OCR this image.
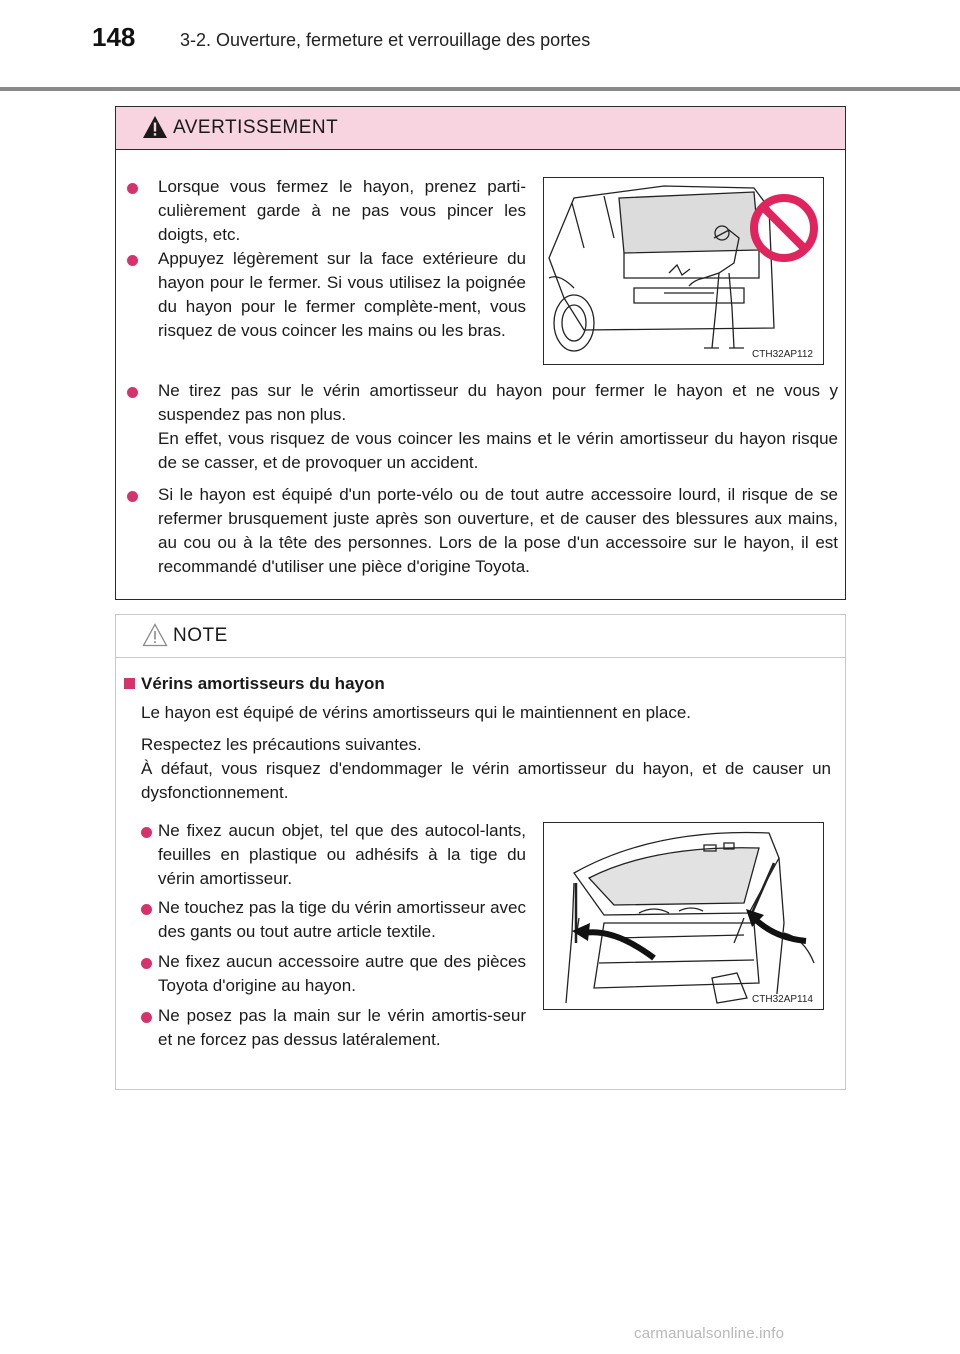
148 3-2. Ouverture, fermeture et verrouillage des portes
AVERTISSEMENT
Lorsque vous fermez le hayon, prenez parti-culièrement garde à ne pas vous pincer les doigts, etc.
Appuyez légèrement sur la face extérieure du hayon pour le fermer. Si vous utilisez la poignée du hayon pour le fermer complète-ment, vous risquez de vous coincer les mains ou les bras.
CTH32AP112
Ne tirez pas sur le vérin amortisseur du hayon pour fermer le hayon et ne vous y suspendez pas non plus.
En effet, vous risquez de vous coincer les mains et le vérin amortisseur du hayon risque de se casser, et de provoquer un accident.
Si le hayon est équipé d'un porte-vélo ou de tout autre accessoire lourd, il risque de se refermer brusquement juste après son ouverture, et de causer des blessures aux mains, au cou ou à la tête des personnes. Lors de la pose d'un accessoire sur le hayon, il est recommandé d'utiliser une pièce d'origine Toyota.
NOTE
Vérins amortisseurs du hayon
Le hayon est équipé de vérins amortisseurs qui le maintiennent en place.
Respectez les précautions suivantes.
À défaut, vous risquez d'endommager le vérin amortisseur du hayon, et de causer un dysfonctionnement.
Ne fixez aucun objet, tel que des autocol-lants, feuilles en plastique ou adhésifs à la tige du vérin amortisseur.
Ne touchez pas la tige du vérin amortisseur avec des gants ou tout autre article textile.
Ne fixez aucun accessoire autre que des pièces Toyota d'origine au hayon.
Ne posez pas la main sur le vérin amortis-seur et ne forcez pas dessus latéralement.
CTH32AP114
carmanualsonline.info
